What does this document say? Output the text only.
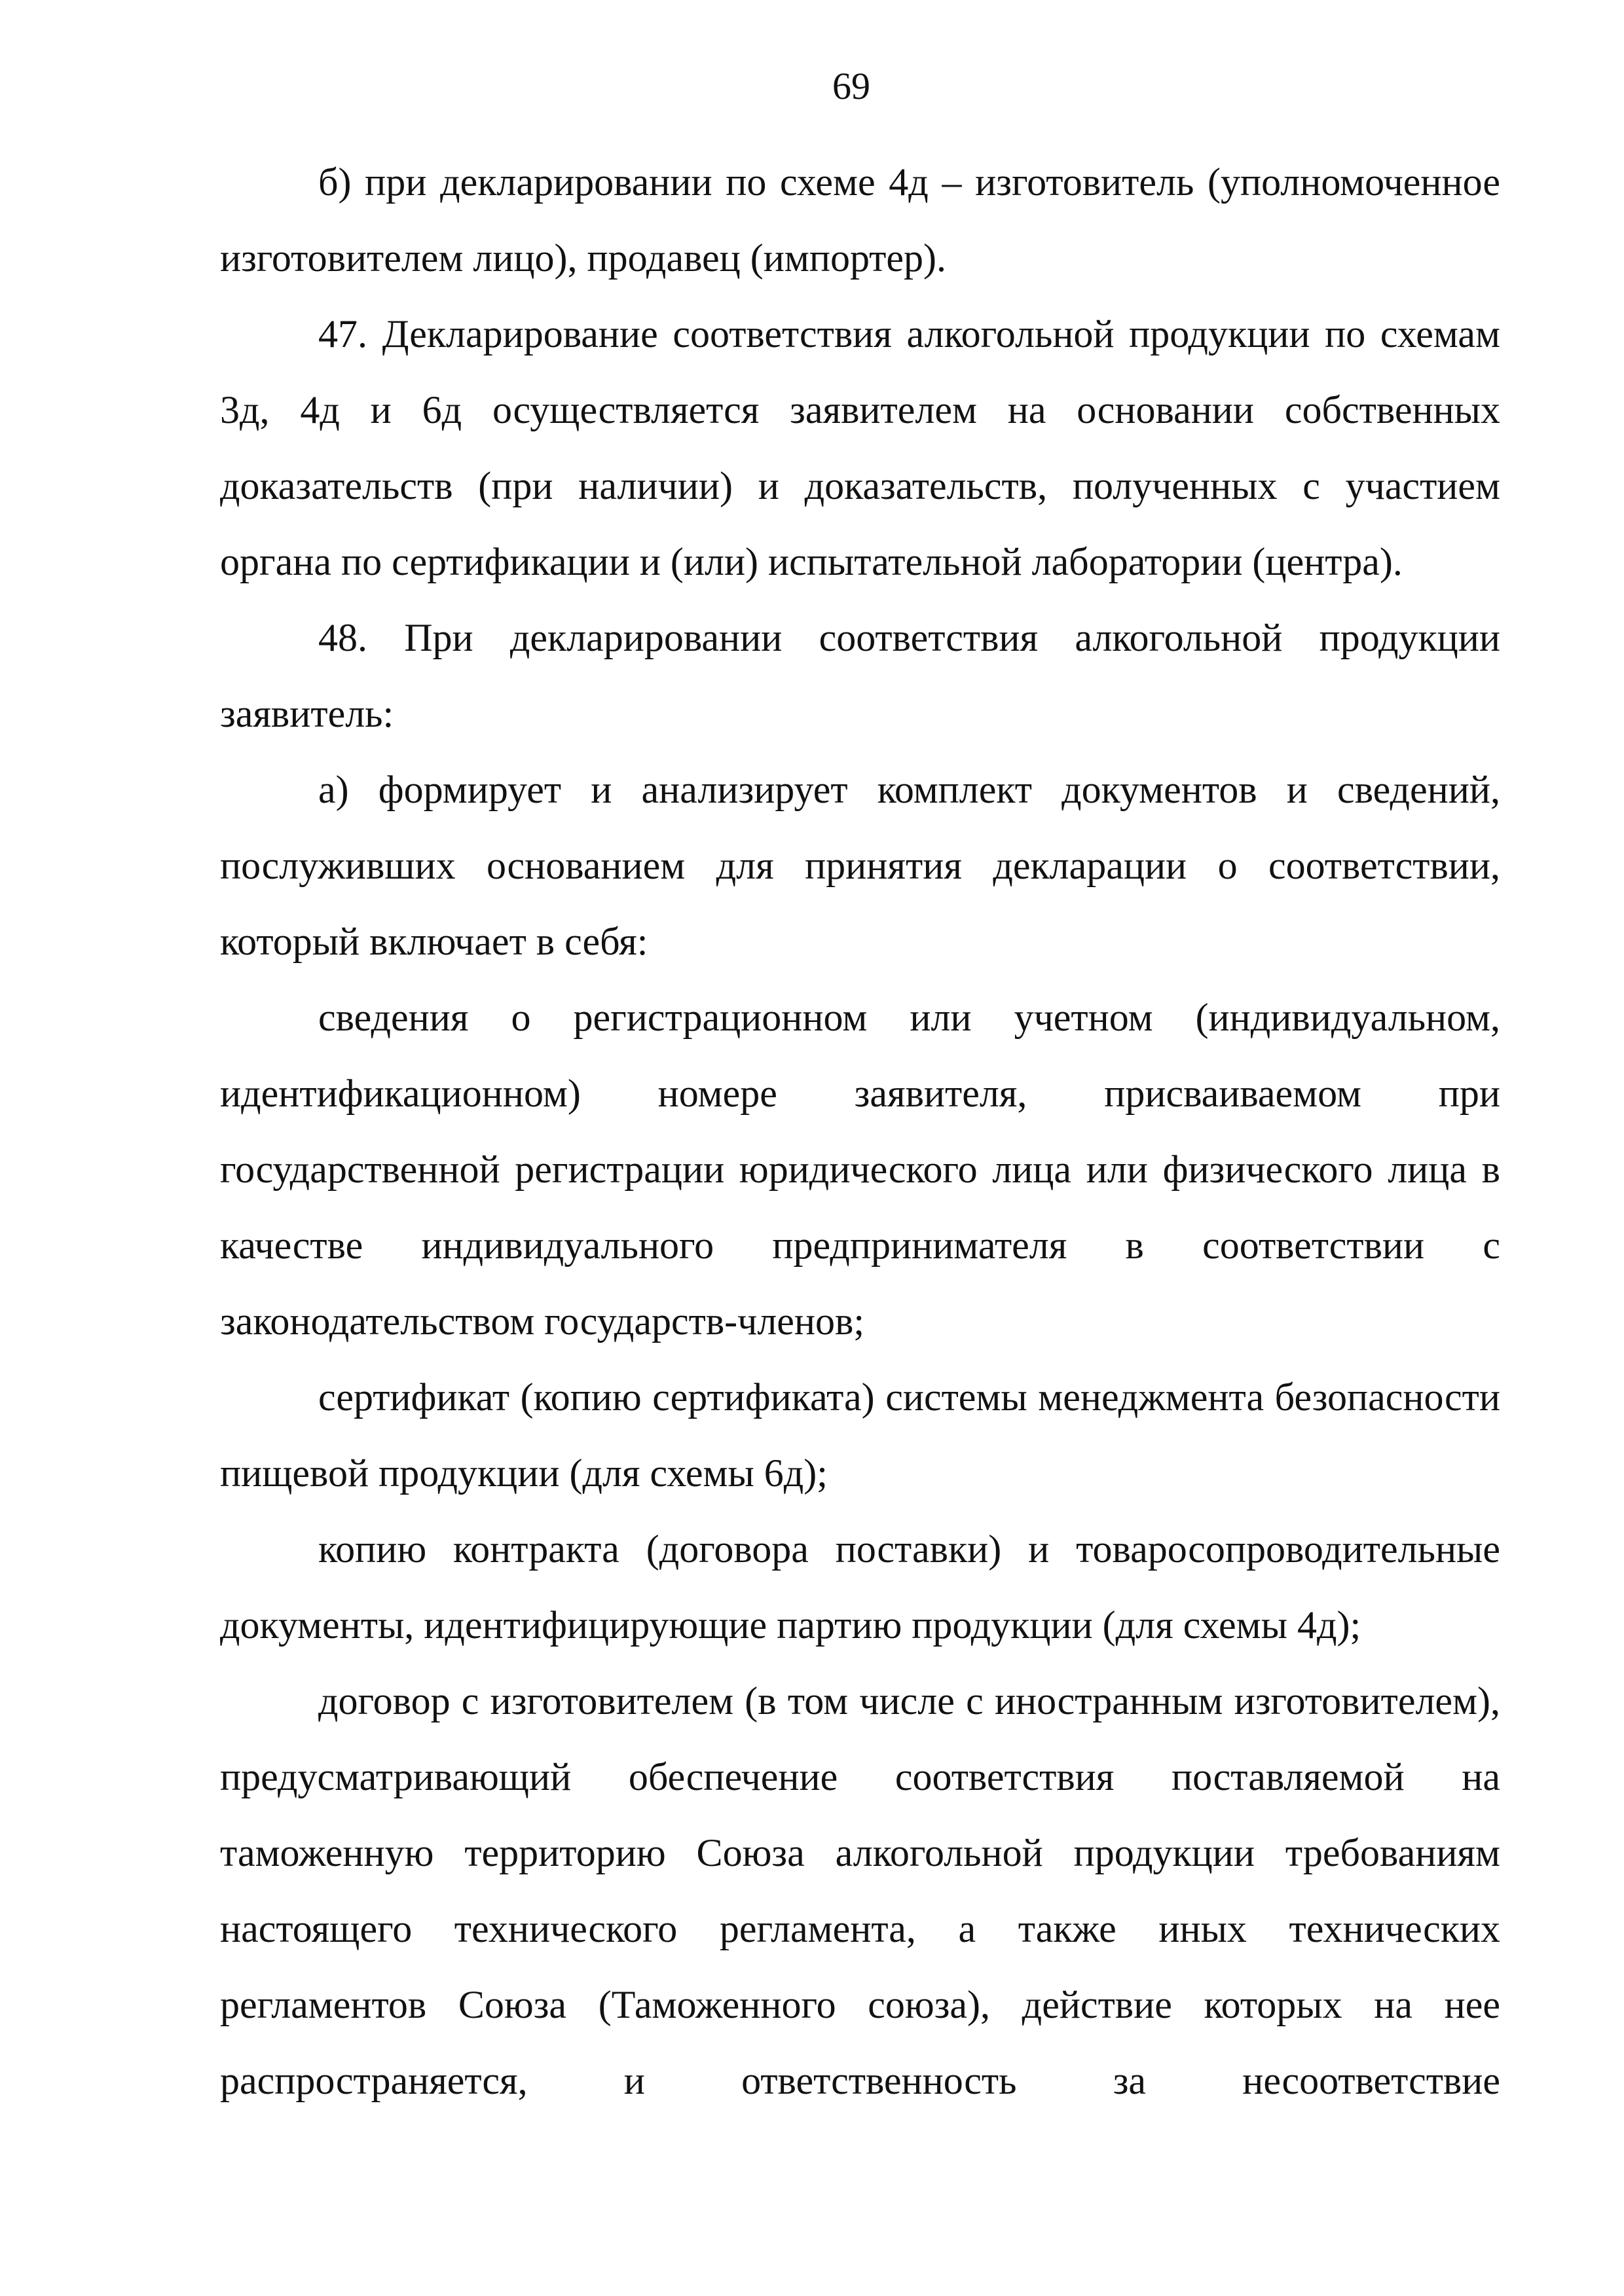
69

б) при декларировании по схеме 4д – изготовитель (уполномоченное изготовителем лицо), продавец (импортер).

47. Декларирование соответствия алкогольной продукции по схемам 3д, 4д и 6д осуществляется заявителем на основании собственных доказательств (при наличии) и доказательств, полученных с участием органа по сертификации и (или) испытательной лаборатории (центра).

48. При декларировании соответствия алкогольной продукции заявитель:

а) формирует и анализирует комплект документов и сведений, послуживших основанием для принятия декларации о соответствии, который включает в себя:

сведения о регистрационном или учетном (индивидуальном, идентификационном) номере заявителя, присваиваемом при государственной регистрации юридического лица или физического лица в качестве индивидуального предпринимателя в соответствии с законодательством государств-членов;

сертификат (копию сертификата) системы менеджмента безопасности пищевой продукции (для схемы 6д);

копию контракта (договора поставки) и товаросопроводительные документы, идентифицирующие партию продукции (для схемы 4д);

договор с изготовителем (в том числе с иностранным изготовителем), предусматривающий обеспечение соответствия поставляемой на таможенную территорию Союза алкогольной продукции требованиям настоящего технического регламента, а также иных технических регламентов Союза (Таможенного союза), действие которых на нее распространяется, и ответственность за несоответствие
